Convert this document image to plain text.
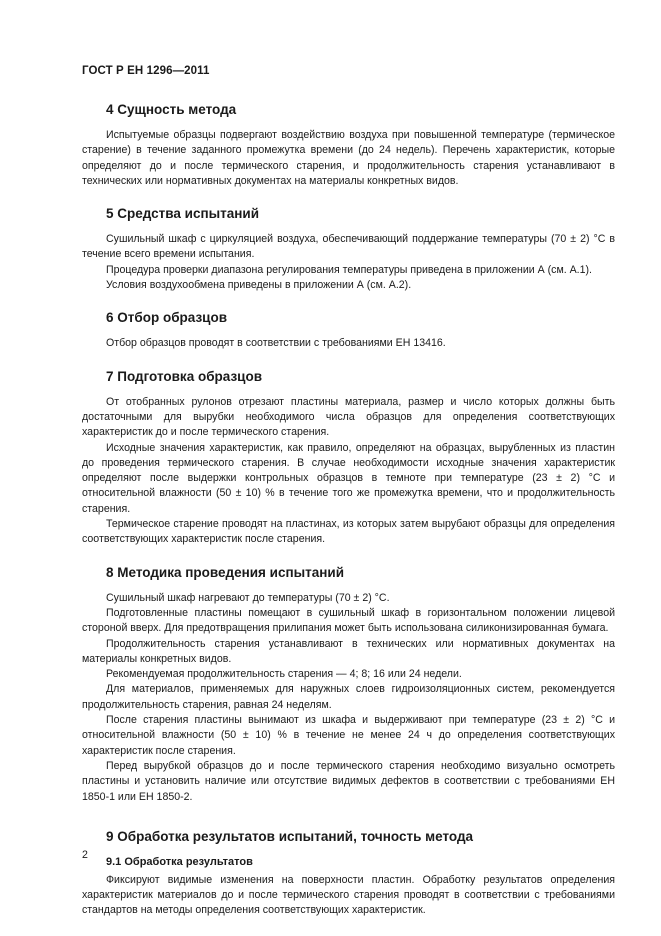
ГОСТ Р ЕН 1296—2011
4 Сущность метода

Испытуемые образцы подвергают воздействию воздуха при повышенной температуре (термическое старение) в течение заданного промежутка времени (до 24 недель). Перечень характеристик, которые определяют до и после термического старения, и продолжительность старения устанавливают в технических или нормативных документах на материалы конкретных видов.

5 Средства испытаний

Сушильный шкаф с циркуляцией воздуха, обеспечивающий поддержание температуры (70 ± 2) °С в течение всего времени испытания.

Процедура проверки диапазона регулирования температуры приведена в приложении А (см. А.1).

Условия воздухообмена приведены в приложении А (см. А.2).

6 Отбор образцов

Отбор образцов проводят в соответствии с требованиями ЕН 13416.

7 Подготовка образцов

От отобранных рулонов отрезают пластины материала, размер и число которых должны быть достаточными для вырубки необходимого числа образцов для определения соответствующих характеристик до и после термического старения.

Исходные значения характеристик, как правило, определяют на образцах, вырубленных из пластин до проведения термического старения. В случае необходимости исходные значения характеристик определяют после выдержки контрольных образцов в темноте при температуре (23 ± 2) °С и относительной влажности (50 ± 10) % в течение того же промежутка времени, что и продолжительность старения.

Термическое старение проводят на пластинах, из которых затем вырубают образцы для определения соответствующих характеристик после старения.

8 Методика проведения испытаний

Сушильный шкаф нагревают до температуры (70 ± 2) °С.

Подготовленные пластины помещают в сушильный шкаф в горизонтальном положении лицевой стороной вверх. Для предотвращения прилипания может быть использована силиконизированная бумага.

Продолжительность старения устанавливают в технических или нормативных документах на материалы конкретных видов.

Рекомендуемая продолжительность старения — 4; 8; 16 или 24 недели.

Для материалов, применяемых для наружных слоев гидроизоляционных систем, рекомендуется продолжительность старения, равная 24 неделям.

После старения пластины вынимают из шкафа и выдерживают при температуре (23 ± 2) °С и относительной влажности (50 ± 10) % в течение не менее 24 ч до определения соответствующих характеристик после старения.

Перед вырубкой образцов до и после термического старения необходимо визуально осмотреть пластины и установить наличие или отсутствие видимых дефектов в соответствии с требованиями ЕН 1850-1 или ЕН 1850-2.

9 Обработка результатов испытаний, точность метода
9.1 Обработка результатов

Фиксируют видимые изменения на поверхности пластин. Обработку результатов определения характеристик материалов до и после термического старения проводят в соответствии с требованиями стандартов на методы определения соответствующих характеристик.

2
